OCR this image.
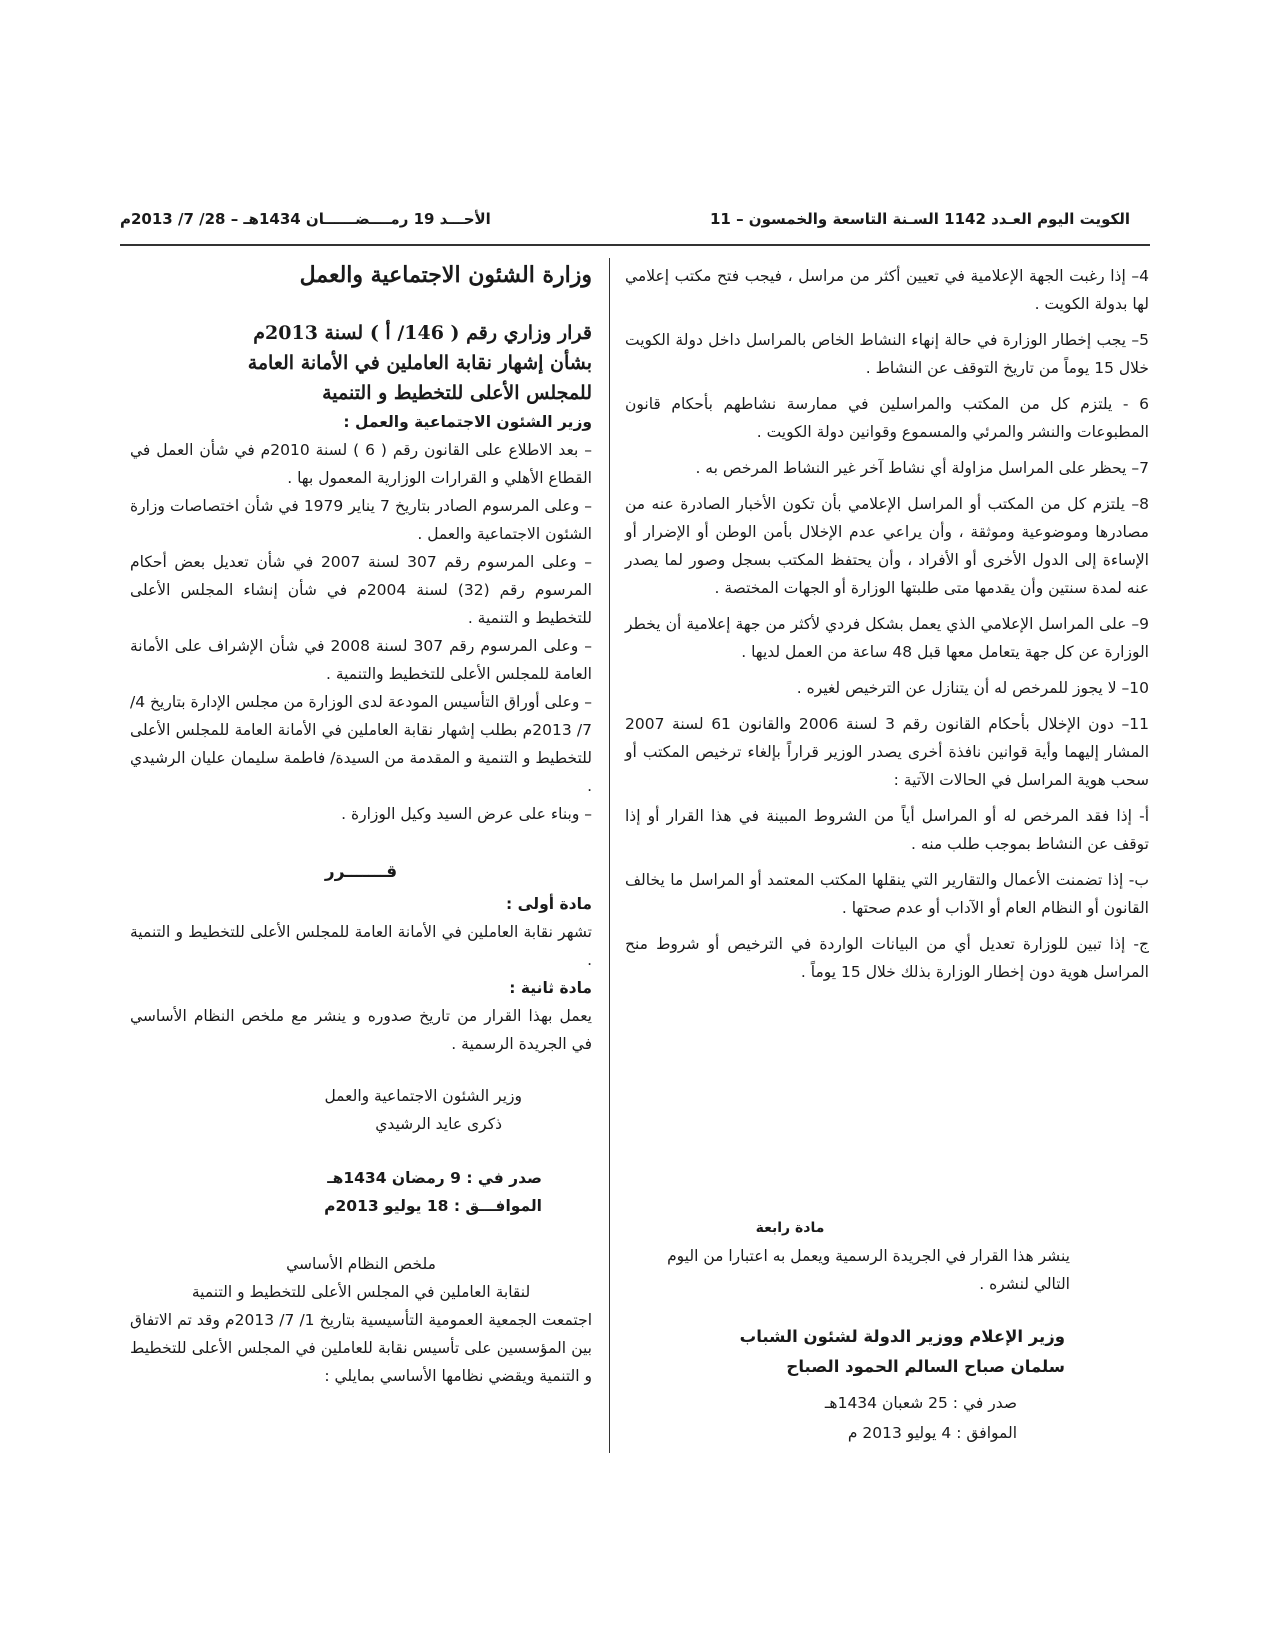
الكويت اليوم العـدد 1142 السـنة التاسعة والخمسون – 11
الأحـــد 19 رمــــضــــــان 1434هـ – 28/ 7/ 2013م

4– إذا رغبت الجهة الإعلامية في تعيين أكثر من مراسل ، فيجب فتح مكتب إعلامي لها بدولة الكويت .

5– يجب إخطار الوزارة في حالة إنهاء النشاط الخاص بالمراسل داخل دولة الكويت خلال 15 يوماً من تاريخ التوقف عن النشاط .

6 - يلتزم كل من المكتب والمراسلين في ممارسة نشاطهم بأحكام قانون المطبوعات والنشر والمرئي والمسموع وقوانين دولة الكويت .

7– يحظر على المراسل مزاولة أي نشاط آخر غير النشاط المرخص به .

8– يلتزم كل من المكتب أو المراسل الإعلامي بأن تكون الأخبار الصادرة عنه من مصادرها وموضوعية وموثقة ، وأن يراعي عدم الإخلال بأمن الوطن أو الإضرار أو الإساءة إلى الدول الأخرى أو الأفراد ، وأن يحتفظ المكتب بسجل وصور لما يصدر عنه لمدة سنتين وأن يقدمها متى طلبتها الوزارة أو الجهات المختصة .

9– على المراسل الإعلامي الذي يعمل بشكل فردي لأكثر من جهة إعلامية أن يخطر الوزارة عن كل جهة يتعامل معها قبل 48 ساعة من العمل لديها .

10– لا يجوز للمرخص له أن يتنازل عن الترخيص لغيره .

11– دون الإخلال بأحكام القانون رقم 3 لسنة 2006 والقانون 61 لسنة 2007 المشار إليهما وأية قوانين نافذة أخرى يصدر الوزير قراراً بإلغاء ترخيص المكتب أو سحب هوية المراسل في الحالات الآتية :

أ- إذا فقد المرخص له أو المراسل أياً من الشروط المبينة في هذا القرار أو إذا توقف عن النشاط بموجب طلب منه .

ب- إذا تضمنت الأعمال والتقارير التي ينقلها المكتب المعتمد أو المراسل ما يخالف القانون أو النظام العام أو الآداب أو عدم صحتها .

ج- إذا تبين للوزارة تعديل أي من البيانات الواردة في الترخيص أو شروط منح المراسل هوية دون إخطار الوزارة بذلك خلال 15 يوماً .

مادة رابعة

ينشر هذا القرار في الجريدة الرسمية ويعمل به اعتبارا من اليوم التالي لنشره .

وزير الإعلام ووزير الدولة لشئون الشباب

سلمان صباح السالم الحمود الصباح

صدر في : 25 شعبان 1434هـ

الموافق : 4 يوليو 2013 م

وزارة الشئون الاجتماعية والعمل

قرار وزاري رقم ( 146/ أ ) لسنة 2013م

بشأن إشهار نقابة العاملين في الأمانة العامة

للمجلس الأعلى للتخطيط و التنمية

وزير الشئون الاجتماعية والعمل :

– بعد الاطلاع على القانون رقم ( 6 ) لسنة 2010م في شأن العمل في القطاع الأهلي و القرارات الوزارية المعمول بها .

– وعلى المرسوم الصادر بتاريخ 7 يناير 1979 في شأن اختصاصات وزارة الشئون الاجتماعية والعمل .

– وعلى المرسوم رقم 307 لسنة 2007 في شأن تعديل بعض أحكام المرسوم رقم (32) لسنة 2004م في شأن إنشاء المجلس الأعلى للتخطيط و التنمية .

– وعلى المرسوم رقم 307 لسنة 2008 في شأن الإشراف على الأمانة العامة للمجلس الأعلى للتخطيط والتنمية .

– وعلى أوراق التأسيس المودعة لدى الوزارة من مجلس الإدارة بتاريخ 4/ 7/ 2013م بطلب إشهار نقابة العاملين في الأمانة العامة للمجلس الأعلى للتخطيط و التنمية و المقدمة من السيدة/ فاطمة سليمان عليان الرشيدي .

– وبناء على عرض السيد وكيل الوزارة .

قـــــــرر

مادة أولى :

تشهر نقابة العاملين في الأمانة العامة للمجلس الأعلى للتخطيط و التنمية .

مادة ثانية :

يعمل بهذا القرار من تاريخ صدوره و ينشر مع ملخص النظام الأساسي في الجريدة الرسمية .

وزير الشئون الاجتماعية والعمل

ذكرى عايد الرشيدي

صدر في : 9 رمضان 1434هـ

الموافـــق : 18 يوليو 2013م

ملخص النظام الأساسي

لنقابة العاملين في المجلس الأعلى للتخطيط و التنمية

اجتمعت الجمعية العمومية التأسيسية بتاريخ 1/ 7/ 2013م وقد تم الاتفاق بين المؤسسين على تأسيس نقابة للعاملين في المجلس الأعلى للتخطيط و التنمية ويقضي نظامها الأساسي بمايلي :
